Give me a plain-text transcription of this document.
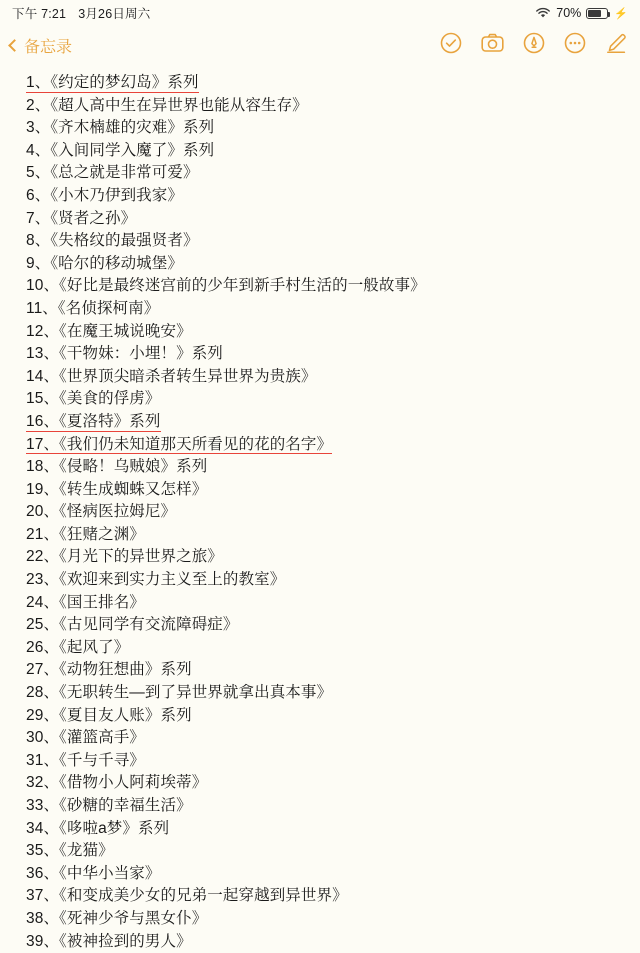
下午 7:21 3月26日周六	70%	⚡
备忘录
1、《约定的梦幻岛》系列
2、《超人高中生在异世界也能从容生存》
3、《齐木楠雄的灾难》系列
4、《入间同学入魔了》系列
5、《总之就是非常可爱》
6、《小木乃伊到我家》
7、《贤者之孙》
8、《失格纹的最强贤者》
9、《哈尔的移动城堡》
10、《好比是最终迷宫前的少年到新手村生活的一般故事》
11、《名侦探柯南》
12、《在魔王城说晚安》
13、《干物妹：小埋！》系列
14、《世界顶尖暗杀者转生异世界为贵族》
15、《美食的俘虏》
16、《夏洛特》系列
17、《我们仍未知道那天所看见的花的名字》
18、《侵略！乌贼娘》系列
19、《转生成蜘蛛又怎样》
20、《怪病医拉姆尼》
21、《狂赌之渊》
22、《月光下的异世界之旅》
23、《欢迎来到实力主义至上的教室》
24、《国王排名》
25、《古见同学有交流障碍症》
26、《起风了》
27、《动物狂想曲》系列
28、《无职转生—到了异世界就拿出真本事》
29、《夏目友人账》系列
30、《灌篮高手》
31、《千与千寻》
32、《借物小人阿莉埃蒂》
33、《砂糖的幸福生活》
34、《哆啦a梦》系列
35、《龙猫》
36、《中华小当家》
37、《和变成美少女的兄弟一起穿越到异世界》
38、《死神少爷与黑女仆》
39、《被神捡到的男人》
